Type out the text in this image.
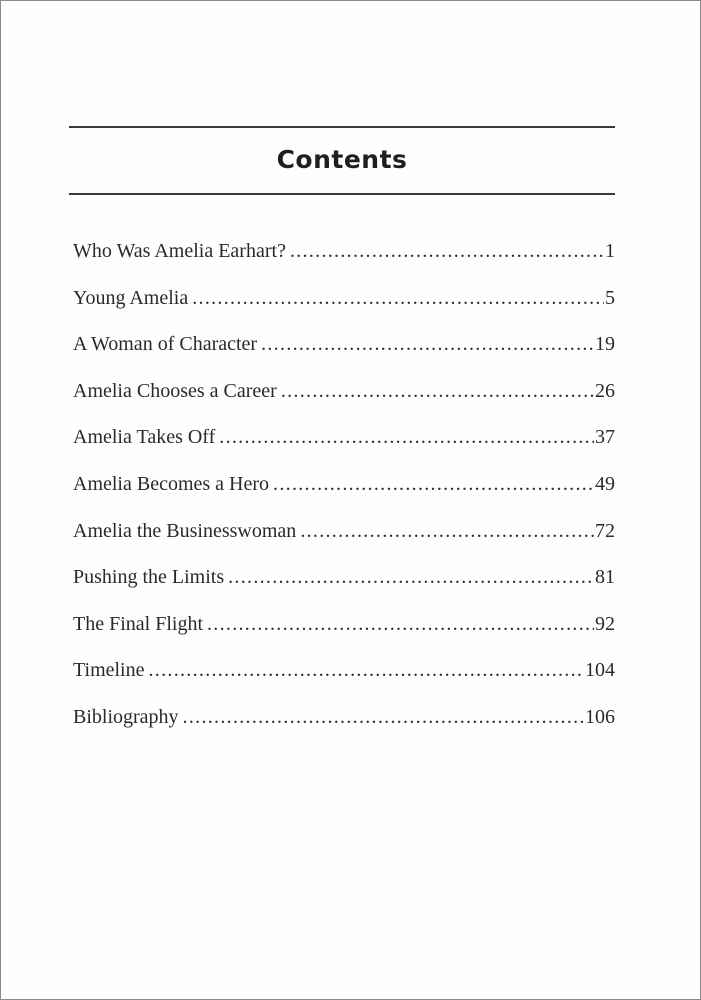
Contents
Who Was Amelia Earhart? .....	1
Young Amelia .....	5
A Woman of Character .....	19
Amelia Chooses a Career .....	26
Amelia Takes Off .....	37
Amelia Becomes a Hero .....	49
Amelia the Businesswoman .....	72
Pushing the Limits .....	81
The Final Flight .....	92
Timeline .....	104
Bibliography .....	106
